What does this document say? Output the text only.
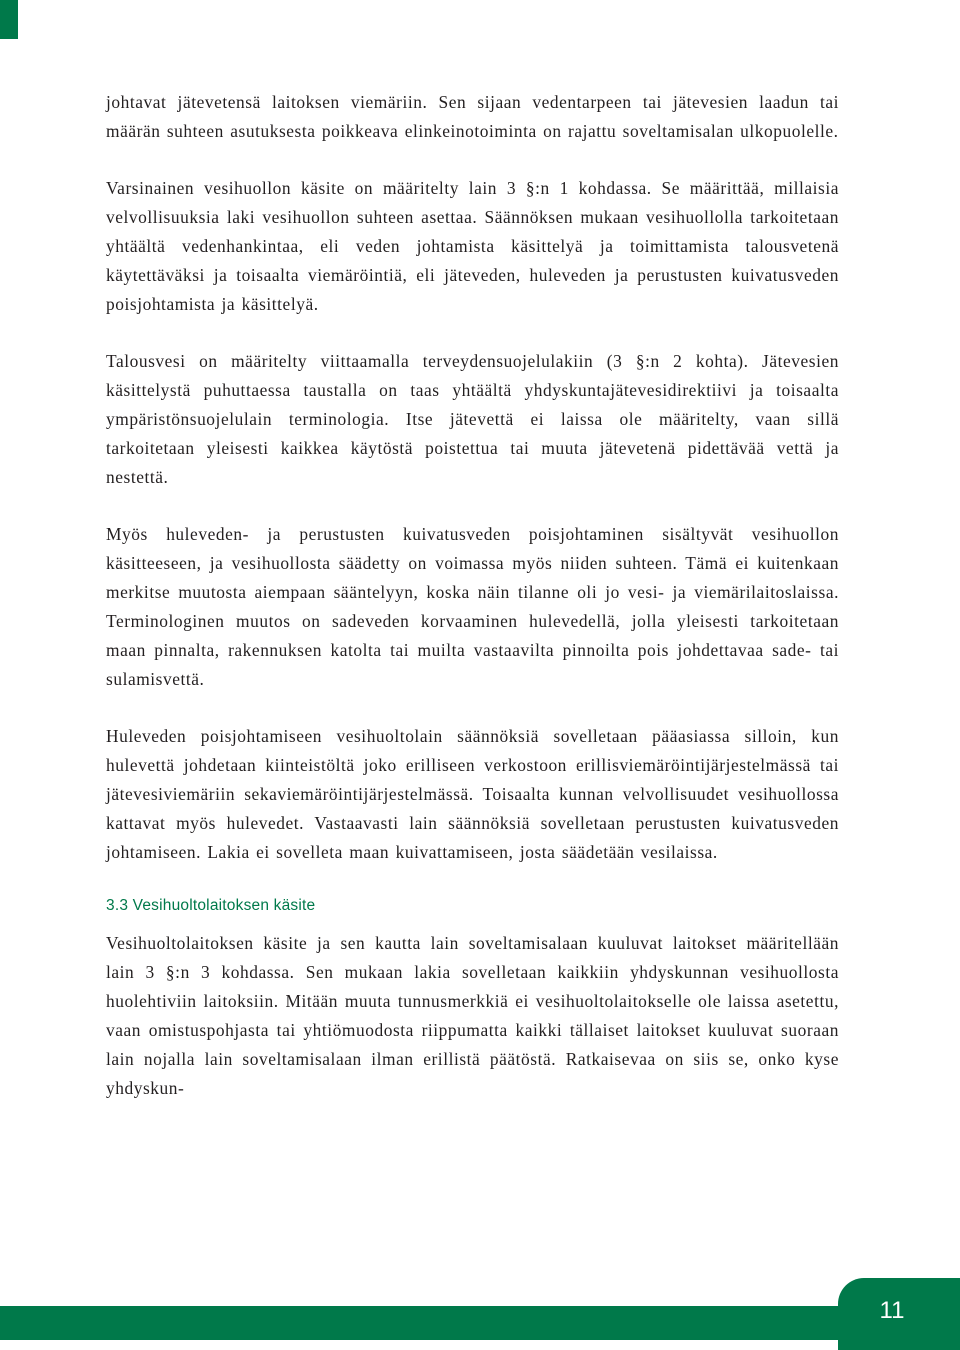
johtavat jätevetensä laitoksen viemäriin. Sen sijaan vedentarpeen tai jätevesien laadun tai määrän suhteen asutuksesta poikkeava elinkeinotoiminta on rajattu soveltamisalan ulkopuolelle.

Varsinainen vesihuollon käsite on määritelty lain 3 §:n 1 kohdassa. Se määrittää, millaisia velvollisuuksia laki vesihuollon suhteen asettaa. Säännöksen mukaan vesihuollolla tarkoitetaan yhtäältä vedenhankintaa, eli veden johtamista käsittelyä ja toimittamista talousvetenä käytettäväksi ja toisaalta viemäröintiä, eli jäteveden, huleveden ja perustusten kuivatusveden poisjohtamista ja käsittelyä.

Talousvesi on määritelty viittaamalla terveydensuojelulakiin (3 §:n 2 kohta). Jätevesien käsittelystä puhuttaessa taustalla on taas yhtäältä yhdyskuntajätevesidirektiivi ja toisaalta ympäristönsuojelulain terminologia. Itse jätevettä ei laissa ole määritelty, vaan sillä tarkoitetaan yleisesti kaikkea käytöstä poistettua tai muuta jätevetenä pidettävää vettä ja nestettä.

Myös huleveden- ja perustusten kuivatusveden poisjohtaminen sisältyvät vesihuollon käsitteeseen, ja vesihuollosta säädetty on voimassa myös niiden suhteen. Tämä ei kuitenkaan merkitse muutosta aiempaan sääntelyyn, koska näin tilanne oli jo vesi- ja viemärilaitoslaissa. Terminologinen muutos on sadeveden korvaaminen hulevedellä, jolla yleisesti tarkoitetaan maan pinnalta, rakennuksen katolta tai muilta vastaavilta pinnoilta pois johdettavaa sade- tai sulamisvettä.

Huleveden poisjohtamiseen vesihuoltolain säännöksiä sovelletaan pääasiassa silloin, kun hulevettä johdetaan kiinteistöltä joko erilliseen verkostoon erillisviemäröintijärjestelmässä tai jätevesiviemäriin sekaviemäröintijärjestelmässä. Toisaalta kunnan velvollisuudet vesihuollossa kattavat myös hulevedet. Vastaavasti lain säännöksiä sovelletaan perustusten kuivatusveden johtamiseen. Lakia ei sovelleta maan kuivattamiseen, josta säädetään vesilaissa.

3.3 Vesihuoltolaitoksen käsite

Vesihuoltolaitoksen käsite ja sen kautta lain soveltamisalaan kuuluvat laitokset määritellään lain 3 §:n 3 kohdassa. Sen mukaan lakia sovelletaan kaikkiin yhdyskunnan vesihuollosta huolehtiviin laitoksiin. Mitään muuta tunnusmerkkiä ei vesihuoltolaitokselle ole laissa asetettu, vaan omistuspohjasta tai yhtiömuodosta riippumatta kaikki tällaiset laitokset kuuluvat suoraan lain nojalla lain soveltamisalaan ilman erillistä päätöstä. Ratkaisevaa on siis se, onko kyse yhdyskun-

11
